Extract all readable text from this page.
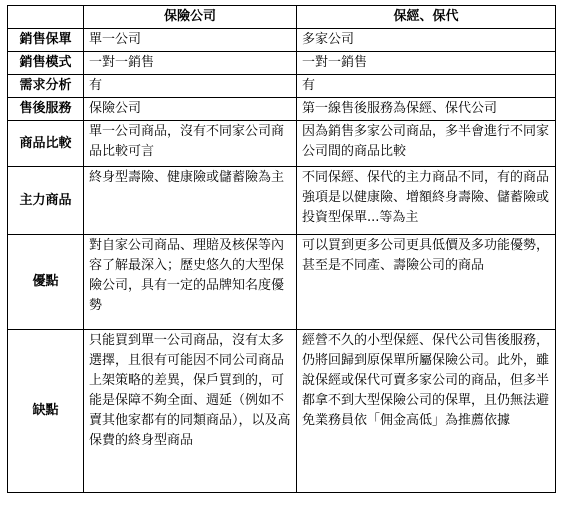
	保險公司	保經、保代
銷售保單	單一公司	多家公司
銷售模式	一對一銷售	一對一銷售
需求分析	有	有
售後服務	保險公司	第一線售後服務為保經、保代公司
商品比較	單一公司商品，沒有不同家公司商品比較可言	因為銷售多家公司商品，多半會進行不同家公司間的商品比較
主力商品	終身型壽險、健康險或儲蓄險為主	不同保經、保代的主力商品不同，有的商品強項是以健康險、增額終身壽險、儲蓄險或投資型保單...等為主
優點	對自家公司商品、理賠及核保等內容了解最深入；歷史悠久的大型保險公司，具有一定的品牌知名度優勢	可以買到更多公司更具低價及多功能優勢，甚至是不同產、壽險公司的商品
缺點	只能買到單一公司商品，沒有太多選擇，且很有可能因不同公司商品上架策略的差異，保戶買到的，可能是保障不夠全面、週延（例如不賣其他家都有的同類商品），以及高保費的終身型商品	經營不久的小型保經、保代公司售後服務，仍將回歸到原保單所屬保險公司。此外，雖說保經或保代可賣多家公司的商品，但多半都拿不到大型保險公司的保單，且仍無法避免業務員依「佣金高低」為推薦依據
